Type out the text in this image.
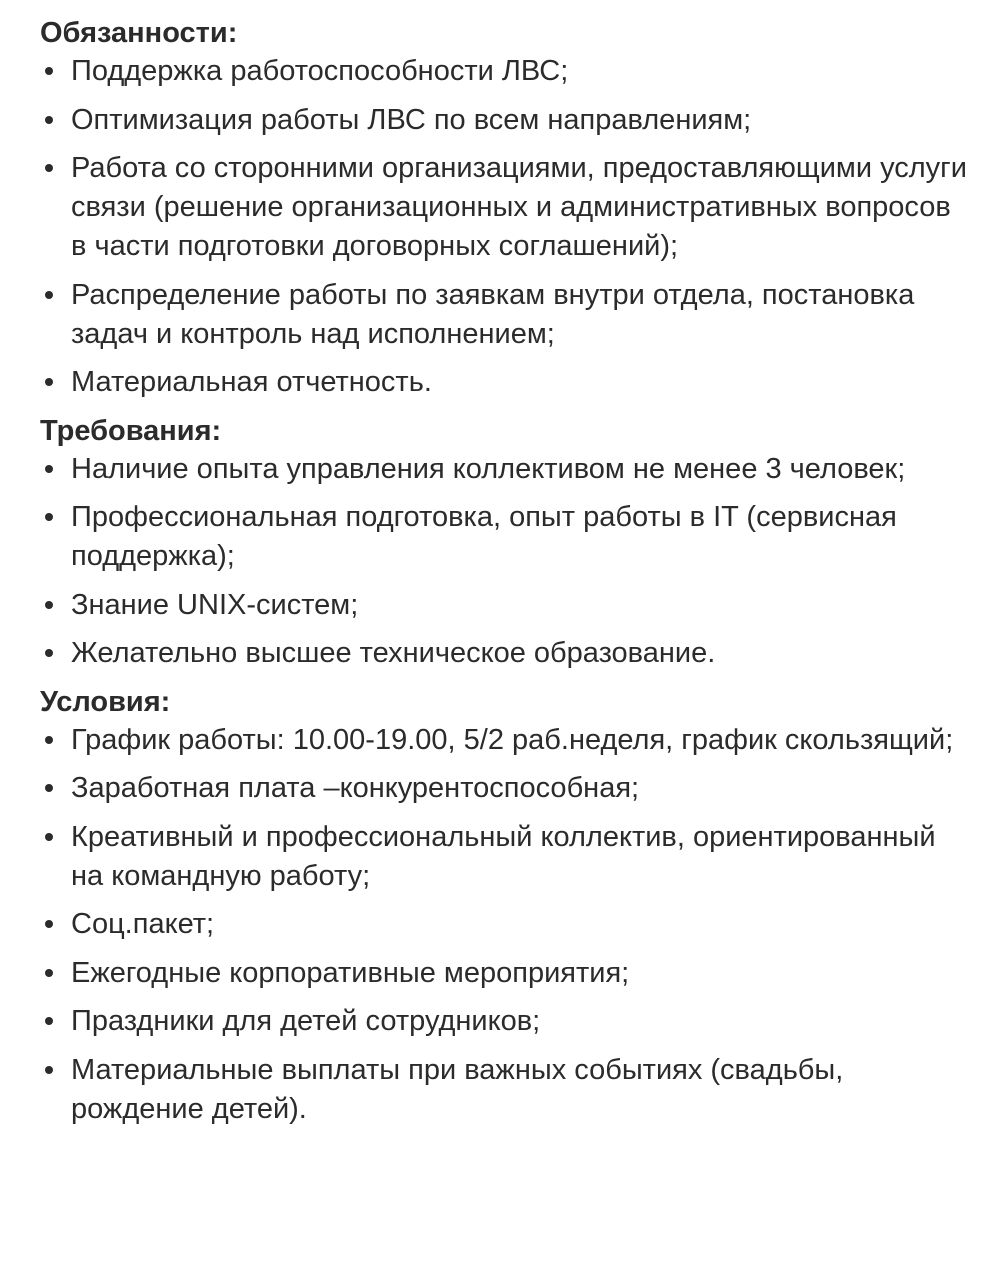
Обязанности:
Поддержка работоспособности ЛВС;
Оптимизация работы ЛВС по всем направлениям;
Работа со сторонними организациями, предоставляющими услуги связи (решение организационных и административных вопросов в части подготовки договорных соглашений);
Распределение работы по заявкам внутри отдела, постановка задач и контроль над исполнением;
Материальная отчетность.
Требования:
Наличие опыта управления коллективом не менее 3 человек;
Профессиональная подготовка, опыт работы в IT (сервисная поддержка);
Знание UNIX-систем;
Желательно высшее техническое образование.
Условия:
График работы: 10.00-19.00, 5/2 раб.неделя, график скользящий;
Заработная плата –конкурентоспособная;
Креативный и профессиональный коллектив, ориентированный на командную работу;
Соц.пакет;
Ежегодные корпоративные мероприятия;
Праздники для детей сотрудников;
Материальные выплаты при важных событиях (свадьбы, рождение детей).
